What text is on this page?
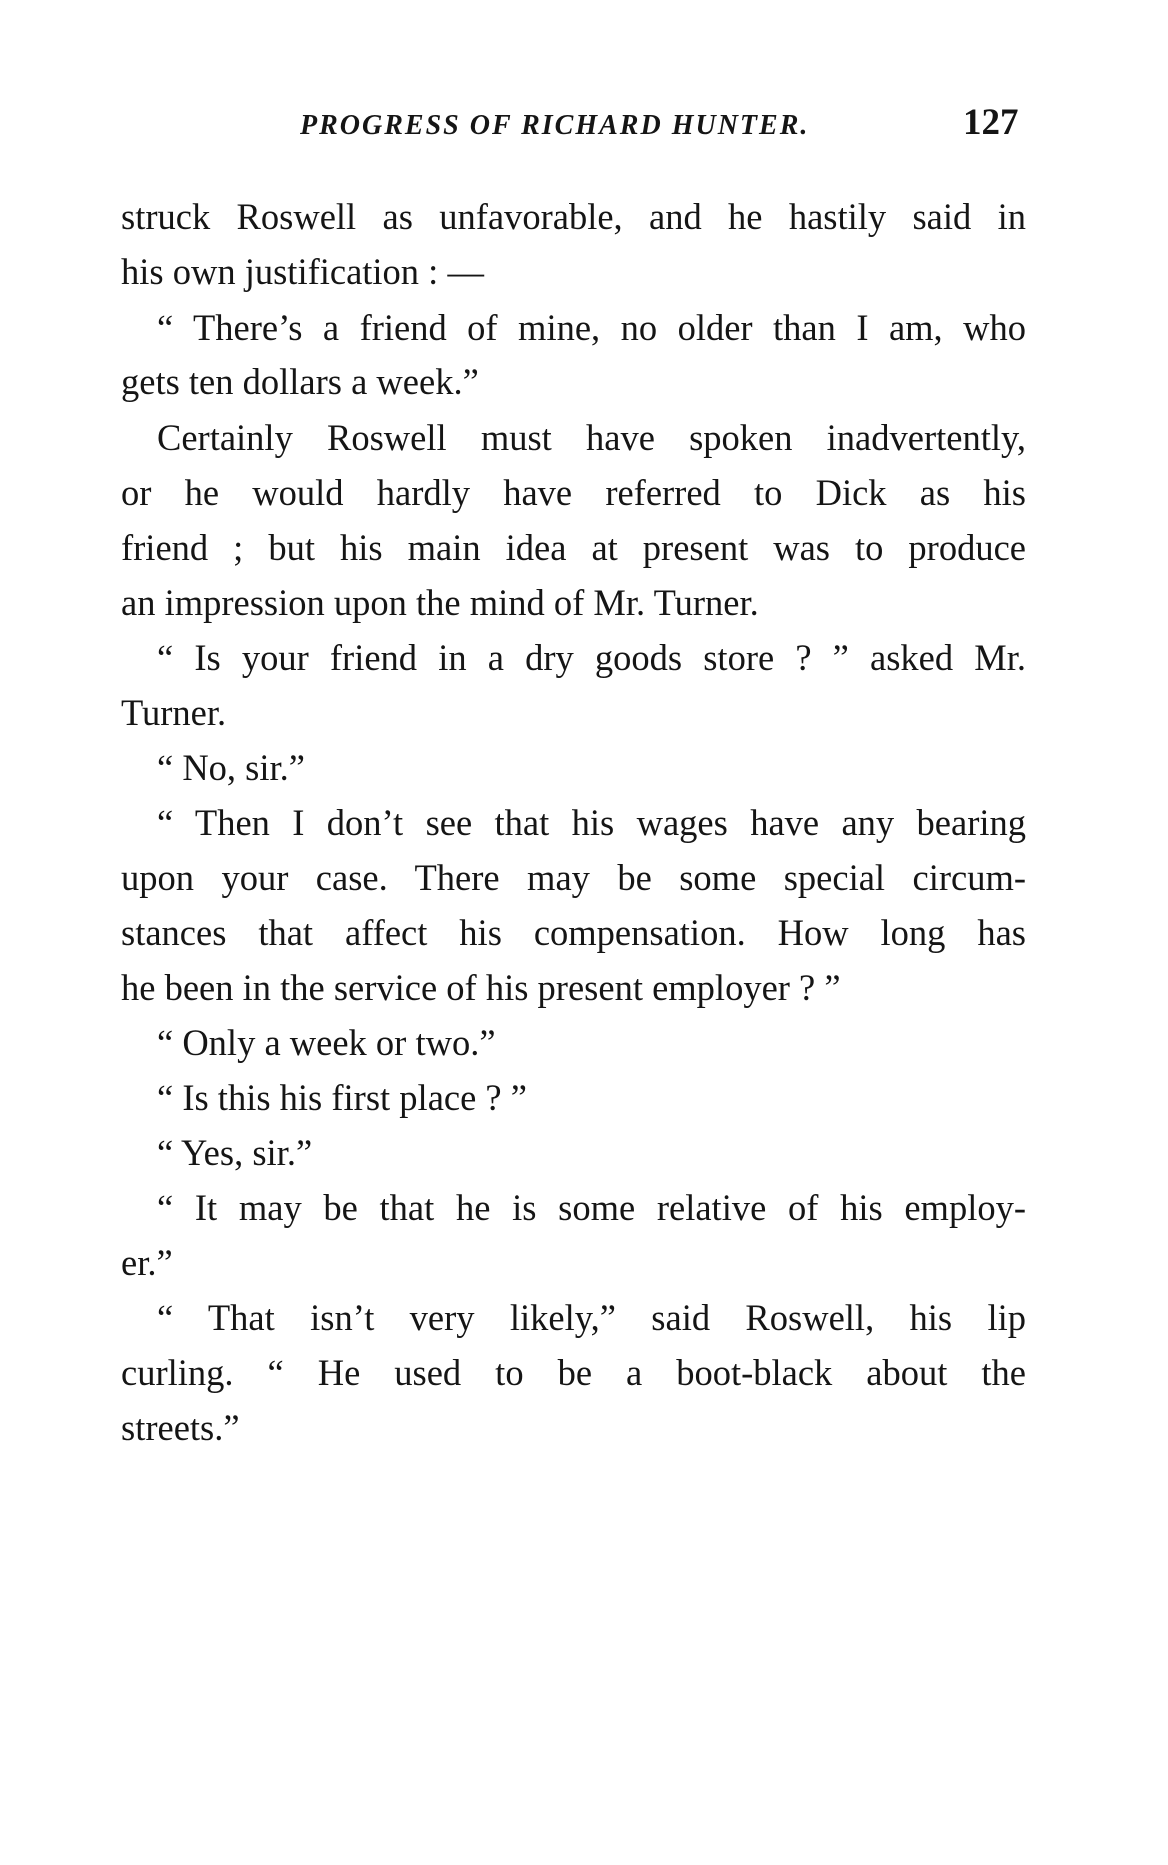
PROGRESS OF RICHARD HUNTER.	127
struck Roswell as unfavorable, and he hastily said in
his own justification : —
“ There’s a friend of mine, no older than I am, who
gets ten dollars a week.”
Certainly Roswell must have spoken inadvertently,
or he would hardly have referred to Dick as his
friend ; but his main idea at present was to produce
an impression upon the mind of Mr. Turner.
“ Is your friend in a dry goods store ? ” asked Mr.
Turner.
“ No, sir.”
“ Then I don’t see that his wages have any bearing
upon your case. There may be some special circum-
stances that affect his compensation. How long has
he been in the service of his present employer ? ”
“ Only a week or two.”
“ Is this his first place ? ”
“ Yes, sir.”
“ It may be that he is some relative of his employ-
er.”
“ That isn’t very likely,” said Roswell, his lip
curling. “ He used to be a boot-black about the
streets.”
